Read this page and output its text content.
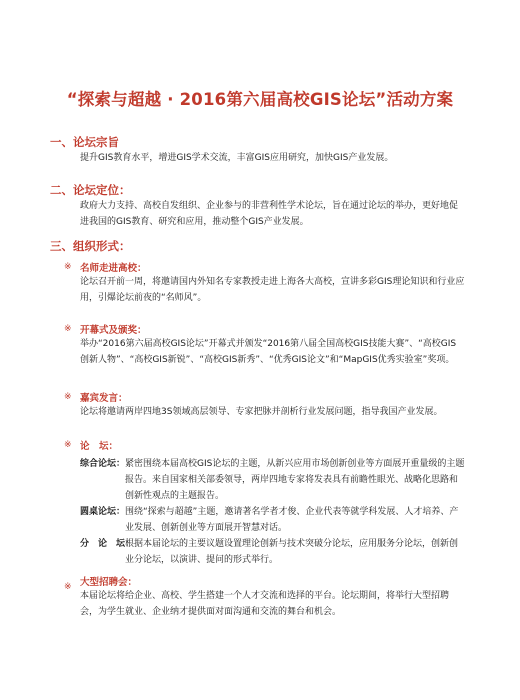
“探索与超越 · 2016第六届高校GIS论坛”活动方案
一、论坛宗旨
提升GIS教育水平，增进GIS学术交流，丰富GIS应用研究，加快GIS产业发展。
二、论坛定位：
政府大力支持、高校自发组织、企业参与的非营利性学术论坛，旨在通过论坛的举办，更好地促进我国的GIS教育、研究和应用，推动整个GIS产业发展。
三、组织形式：
※ 名师走进高校：
论坛召开前一周，将邀请国内外知名专家教授走进上海各大高校，宣讲多彩GIS理论知识和行业应用，引爆论坛前夜的“名师风”。
※ 开幕式及颁奖：
举办“2016第六届高校GIS论坛”开幕式并颁发“2016第八届全国高校GIS技能大赛”、“高校GIS创新人物”、“高校GIS新锐”、“高校GIS新秀”、“优秀GIS论文”和“MapGIS优秀实验室”奖项。
※ 嘉宾发言：
论坛将邀请两岸四地3S领域高层领导、专家把脉并剖析行业发展问题，指导我国产业发展。
※ 论　坛：
综合论坛： 紧密围绕本届高校GIS论坛的主题，从新兴应用市场创新创业等方面展开重量级的主题报告。来自国家相关部委领导，两岸四地专家将发表具有前瞻性眼光、战略化思路和创新性观点的主题报告。
圆桌论坛： 围绕“探索与超越”主题，邀请著名学者才俊、企业代表等就学科发展、人才培养、产业发展、创新创业等方面展开智慧对话。
分　论　坛：
根据本届论坛的主要议题设置理论创新与技术突破分论坛，应用服务分论坛，创新创业分论坛，以演讲、提问的形式举行。
大型招聘会：
※
本届论坛将给企业、高校、学生搭建一个人才交流和选择的平台。论坛期间，将举行大型招聘会，为学生就业、企业纳才提供面对面沟通和交流的舞台和机会。
